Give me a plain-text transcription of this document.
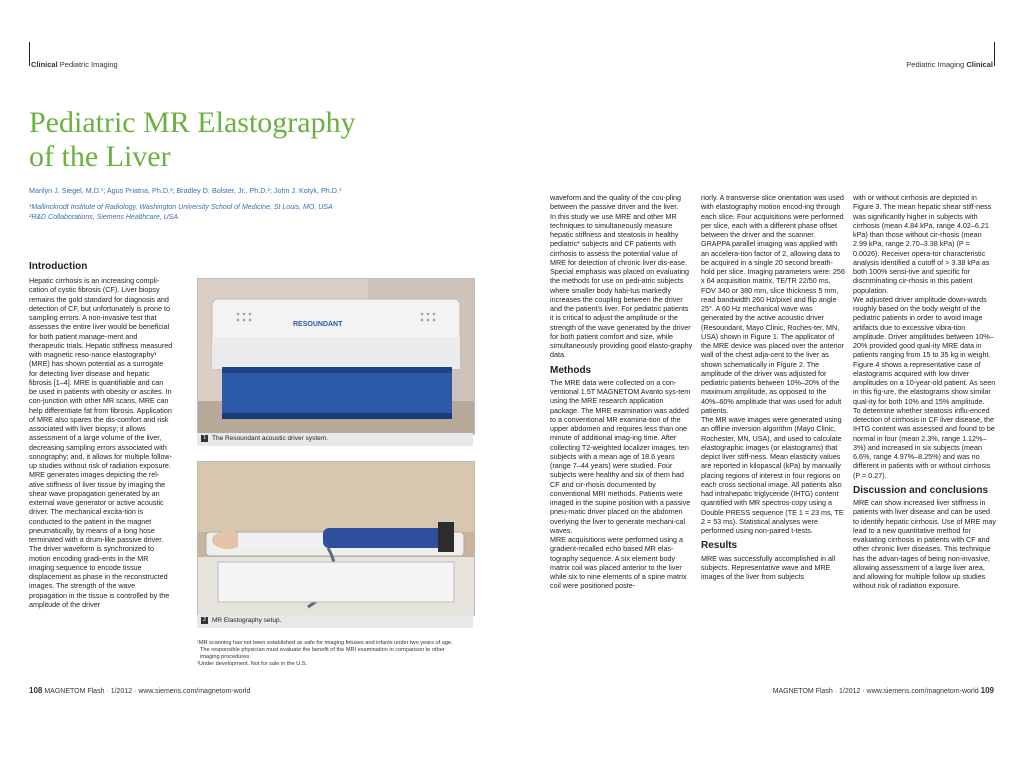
Clinical Pediatric Imaging	Pediatric Imaging Clinical
Pediatric MR Elastography
of the Liver
Marilyn J. Siegel, M.D.¹; Agus Priatna, Ph.D.²; Bradley D. Bolster, Jr., Ph.D.²; John J. Kotyk, Ph.D.¹
¹Mallinckrodt Institute of Radiology, Washington University School of Medicine, St Louis, MO, USA
²R&D Collaborations, Siemens Healthcare, USA
Introduction

Hepatic cirrhosis is an increasing compli-cation of cystic fibrosis (CF). Liver biopsy remains the gold standard for diagnosis and detection of CF, but unfortunately is prone to sampling errors. A non-invasive test that assesses the entire liver would be beneficial for both patient manage-ment and therapeutic trials. Hepatic stiffness measured with magnetic reso-nance elastography¹ (MRE) has shown potential as a surrogate for detecting liver disease and hepatic fibrosis [1–4]. MRE is quantifiable and can be used in patients with obesity or ascites. In con-junction with other MR scans, MRE can help differentiate fat from fibrosis. Application of MRE also spares the dis-comfort and risk associated with liver biopsy; it allows assessment of a large volume of the liver, decreasing sampling errors associated with sonography; and, it allows for multiple follow-up studies without risk of radiation exposure.

MRE generates images depicting the rel-ative stiffness of liver tissue by imaging the shear wave propagation generated by an external wave generator or active acoustic driver. The mechanical excita-tion is conducted to the patient in the magnet pneumatically, by means of a long hose terminated with a drum-like passive driver. The driver waveform is synchronized to motion encoding gradi-ents in the MR imaging sequence to encode tissue displacement as phase in the reconstructed images. The strength of the wave propagation in the tissue is controlled by the amplitude of the driver

RESOUNDANT
1 The Resoundant acoustic driver system.
2 MR Elastography setup.
¹MR scanning has not been established as safe for imaging fetuses and infants under two years of age.
The responsible physician must evaluate the benefit of the MRI examination in comparison to other
imaging procedures.
²Under development. Not for sale in the U.S.

waveform and the quality of the cou-pling between the passive driver and the liver.

In this study we use MRE and other MR techniques to simultaneously measure hepatic stiffness and steatosis in healthy pediatric* subjects and CF patients with cirrhosis to assess the potential value of MRE for detection of chronic liver dis-ease. Special emphasis was placed on evaluating the methods for use on pedi-atric subjects where smaller body habi-tus markedly increases the coupling between the driver and the patient's liver. For pediatric patients it is critical to adjust the amplitude or the strength of the wave generated by the driver for both patient comfort and size, while simultaneously providing good elasto-graphy data.

Methods

The MRE data were collected on a con-ventional 1.5T MAGNETOM Avanto sys-tem using the MRE research application package. The MRE examination was added to a conventional MR examina-tion of the upper abdomen and requires less than one minute of additional imag-ing time. After collecting T2-weighted localizer images, ten subjects with a mean age of 18.6 years (range 7–44 years) were studied. Four subjects were healthy and six of them had CF and cir-rhosis documented by conventional MRI methods. Patients were imaged in the supine position with a passive pneu-matic driver placed on the abdomen overlying the liver to generate mechani-cal waves.

MRE acquisitions were performed using a gradient-recalled echo based MR elas-tography sequence. A six element body matrix coil was placed anterior to the liver while six to nine elements of a spine matrix coil were positioned poste-

riorly. A transverse slice orientation was used with elastography motion encod-ing through each slice. Four acquisitions were performed per slice, each with a different phase offset between the driver and the scanner. GRAPPA parallel imaging was applied with an accelera-tion factor of 2, allowing data to be acquired in a single 20 second breath-hold per slice. Imaging parameters were: 256 x 64 acquisition matrix, TE/TR 22/50 ms, FOV 340 or 380 mm, slice thickness 5 mm, read bandwidth 260 Hz/pixel and flip angle 25°. A 60 Hz mechanical wave was generated by the active acoustic driver (Resoundant, Mayo Clinic, Roches-ter, MN, USA) shown in Figure 1. The applicator of the MRE device was placed over the anterior wall of the chest adja-cent to the liver as shown schematically in Figure 2. The amplitude of the driver was adjusted for pediatric patients between 10%–20% of the maximum amplitude, as opposed to the 40%–60% amplitude that was used for adult patients.

The MR wave images were generated using an offline inversion algorithm (Mayo Clinic, Rochester, MN, USA), and used to calculate elastographic images (or elastograms) that depict liver stiff-ness. Mean elasticity values are reported in kilopascal (kPa) by manually placing regions of interest in four regions on each cross sectional image. All patients also had intrahepatic triglyceride (IHTG) content quantified with MR spectros-copy using a Double PRESS sequence (TE 1 = 23 ms, TE 2 = 53 ms). Statistical analyses were performed using non-paired t-tests.

Results

MRE was successfully accomplished in all subjects. Representative wave and MRE images of the liver from subjects

with or without cirrhosis are depicted in Figure 3. The mean hepatic shear stiff-ness was significantly higher in subjects with cirrhosis (mean 4.84 kPa, range 4.02–6.21 kPa) than those without cir-rhosis (mean 2.99 kPa, range 2.70–3.38 kPa) (P = 0.0026). Receiver opera-tor characteristic analysis identified a cutoff of > 3.38 kPa as both 100% sensi-tive and specific for discriminating cir-rhosis in this patient population.

We adjusted driver amplitude down-wards roughly based on the body weight of the pediatric patients in order to avoid image artifacts due to excessive vibra-tion amplitude. Driver amplitudes between 10%–20% provided good qual-ity MRE data in patients ranging from 15 to 35 kg in weight. Figure 4 shows a representative case of elastograms acquired with low driver amplitudes on a 10-year-old patient. As seen in this fig-ure, the elastograms show similar qual-ity for both 10% and 15% amplitude.

To determine whether steatosis influ-enced detection of cirrhosis in CF liver disease, the IHTG content was assessed and found to be normal in four (mean 2.3%, range 1.12%–3%) and increased in six subjects (mean 6.6%, range 4.97%–8.25%) and was no different in patients with or without cirrhosis (P = 0.27).

Discussion and conclusions

MRE can show increased liver stiffness in patients with liver disease and can be used to identify hepatic cirrhosis. Use of MRE may lead to a new quantitative method for evaluating cirrhosis in patients with CF and other chronic liver diseases. This technique has the advan-tages of being non-invasive, allowing assessment of a large liver area, and allowing for multiple follow up studies without risk of radiation exposure.

108 MAGNETOM Flash · 1/2012 · www.siemens.com/magnetom-world	MAGNETOM Flash · 1/2012 · www.siemens.com/magnetom-world 109
